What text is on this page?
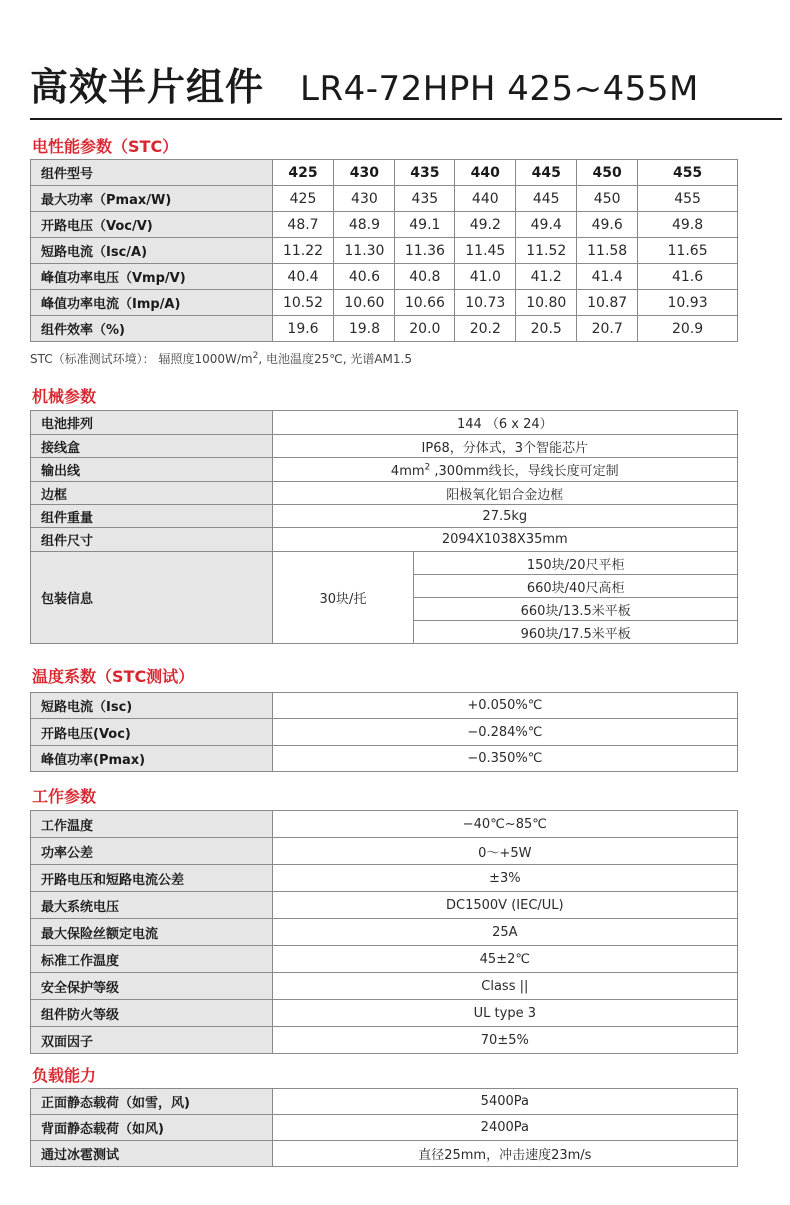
高效半片组件 LR4-72HPH 425~455M
电性能参数（STC）
组件型号	425	430	435	440	445	450	455
最大功率（Pmax/W)	425	430	435	440	445	450	455
开路电压（Voc/V)	48.7	48.9	49.1	49.2	49.4	49.6	49.8
短路电流（Isc/A)	11.22	11.30	11.36	11.45	11.52	11.58	11.65
峰值功率电压（Vmp/V)	40.4	40.6	40.8	41.0	41.2	41.4	41.6
峰值功率电流（Imp/A)	10.52	10.60	10.66	10.73	10.80	10.87	10.93
组件效率（%)	19.6	19.8	20.0	20.2	20.5	20.7	20.9
STC（标准测试环境）： 辐照度$1000W/m^2$, 电池温度25℃, 光谱AM1.5
机械参数
电池排列	144 （6 x 24）	
接线盒	IP68，分体式，3个智能芯片	
输出线	$4mm^2$ ,300mm线长，导线长度可定制	
边框	阳极氧化铝合金边框	
组件重量	27.5kg	
组件尺寸	2094X1038X35mm	
包装信息	30块/托	150块/20尺平柜
		660块/40尺高柜
		660块/13.5米平板
		960块/17.5米平板
温度系数（STC测试）
短路电流（Isc)	+0.050%℃
开路电压(Voc)	−0.284%℃
峰值功率(Pmax)	−0.350%℃
工作参数
工作温度	−40℃~85℃
功率公差	0～+5W
开路电压和短路电流公差	±3%
最大系统电压	DC1500V (IEC/UL)
最大保险丝额定电流	25A
标准工作温度	45±2℃
安全保护等级	Class ||
组件防火等级	UL type 3
双面因子	70±5%
负载能力
正面静态载荷（如雪，风)	5400Pa
背面静态载荷（如风)	2400Pa
通过冰雹测试	直径25mm，冲击速度23m/s
